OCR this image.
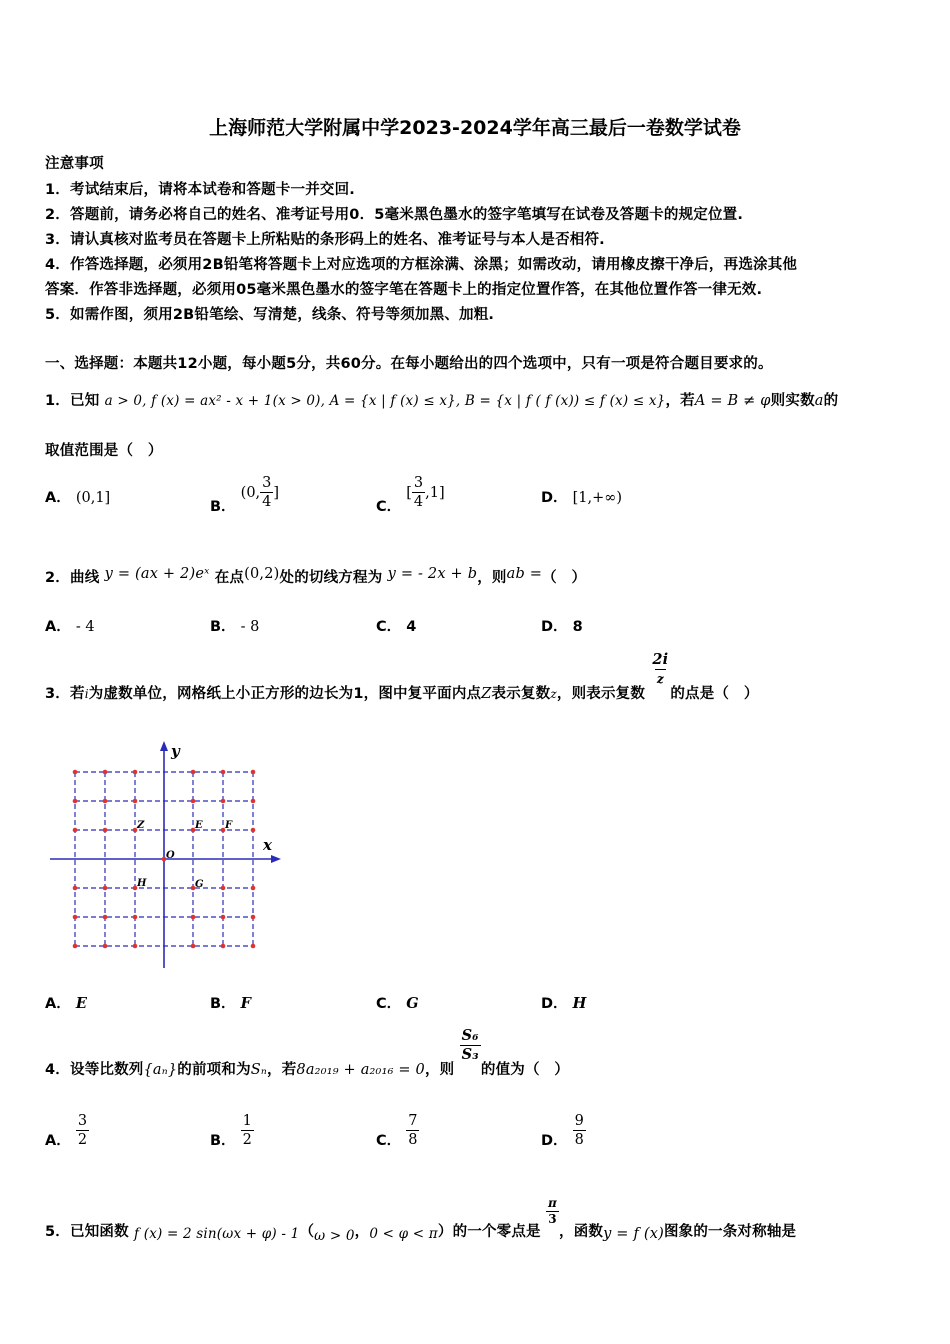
上海师范大学附属中学2023-2024学年高三最后一卷数学试卷
注意事项
1．考试结束后，请将本试卷和答题卡一并交回.
2．答题前，请务必将自己的姓名、准考证号用0．5毫米黑色墨水的签字笔填写在试卷及答题卡的规定位置.
3．请认真核对监考员在答题卡上所粘贴的条形码上的姓名、准考证号与本人是否相符.
4．作答选择题，必须用2B铅笔将答题卡上对应选项的方框涂满、涂黑；如需改动，请用橡皮擦干净后，再选涂其他
答案．作答非选择题，必须用05毫米黑色墨水的签字笔在答题卡上的指定位置作答，在其他位置作答一律无效.
5．如需作图，须用2B铅笔绘、写清楚，线条、符号等须加黑、加粗.
一、选择题：本题共12小题，每小题5分，共60分。在每小题给出的四个选项中，只有一项是符合题目要求的。
1．已知 a > 0, f (x) = ax² - x + 1(x > 0), A = {x | f (x) ≤ x}, B = {x | f ( f (x)) ≤ f (x) ≤ x}，若A = B ≠ φ则实数a的
取值范围是（　）
A． (0,1]
B． (0, $\frac{3}{4}$ ]
C． [ $\frac{3}{4} ,1$]	D． [1,+∞)
2．曲线 y = (ax + 2)eˣ 在点(0,2)处的切线方程为 y = - 2x + b，则ab =（　）
A． - 4	B． - 8	C． 4	D． 8
3．若i为虚数单位，网格纸上小正方形的边长为1，图中复平面内点Z表示复数z，则表示复数
$\frac{2i}{z}$
的点是（　）
y
x
O
Z	E F
H	G
A． E	B． F	C． G	D． H
4．设等比数列{aₙ}的前项和为Sₙ，若8a₂₀₁₉ + a₂₀₁₆ = 0，则
$\frac{\text{S₆}}{\text{S₃}}$
的值为（　）
A． $\frac{3}{2}$	B． $\frac{1}{2}$	C． $\frac{7}{8}$	D． $\frac{9}{8}$
5．已知函数 f (x) = 2 sin(ωx + φ) - 1（ω > 0，0 < φ < π）的一个零点是
$\frac{\pi}{3}$
，函数y = f (x)图象的一条对称轴是
